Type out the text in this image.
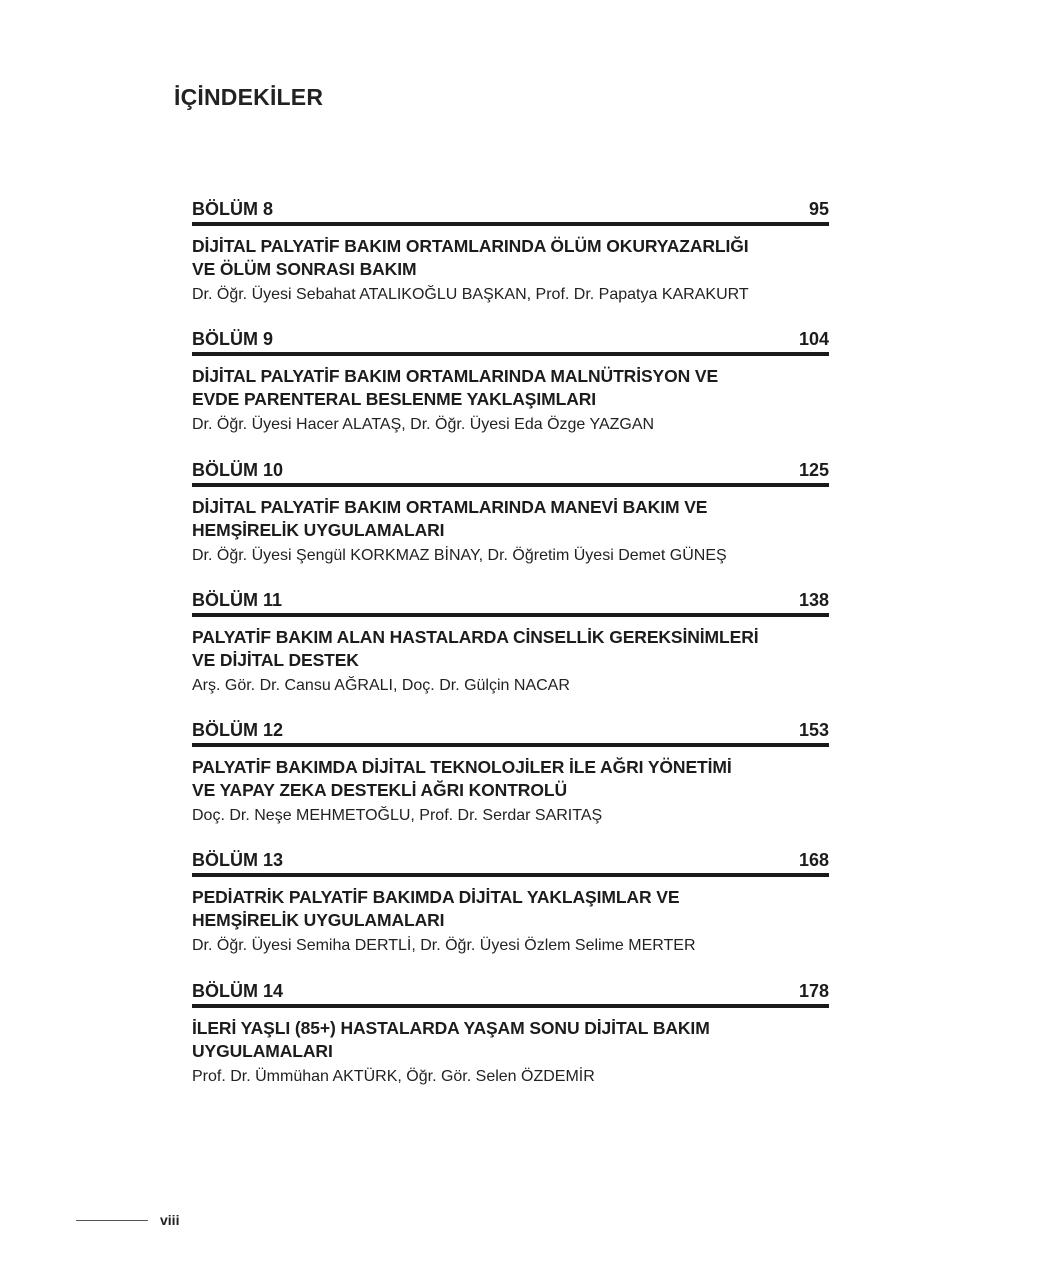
İÇİNDEKİLER
BÖLÜM 8	95
DİJİTAL PALYATİF BAKIM ORTAMLARINDA ÖLÜM OKURYAZARLIĞI
VE ÖLÜM SONRASI BAKIM
Dr. Öğr. Üyesi Sebahat ATALIKOĞLU BAŞKAN, Prof. Dr. Papatya KARAKURT
BÖLÜM 9	104
DİJİTAL PALYATİF BAKIM ORTAMLARINDA MALNÜTRİSYON VE
EVDE PARENTERAL BESLENME YAKLAŞIMLARI
Dr. Öğr. Üyesi Hacer ALATAŞ, Dr. Öğr. Üyesi Eda Özge YAZGAN
BÖLÜM 10	125
DİJİTAL PALYATİF BAKIM ORTAMLARINDA MANEVİ BAKIM VE
HEMŞİRELİK UYGULAMALARI
Dr. Öğr. Üyesi Şengül KORKMAZ BİNAY, Dr. Öğretim Üyesi Demet GÜNEŞ
BÖLÜM 11	138
PALYATİF BAKIM ALAN HASTALARDA CİNSELLİK GEREKSİNİMLERİ
VE DİJİTAL DESTEK
Arş. Gör. Dr. Cansu AĞRALI, Doç. Dr. Gülçin NACAR
BÖLÜM 12	153
PALYATİF BAKIMDA DİJİTAL TEKNOLOJİLER İLE AĞRI YÖNETİMİ
VE YAPAY ZEKA DESTEKLİ AĞRI KONTROLÜ
Doç. Dr. Neşe MEHMETOĞLU, Prof. Dr. Serdar SARITAŞ
BÖLÜM 13	168
PEDİATRİK PALYATİF BAKIMDA DİJİTAL YAKLAŞIMLAR VE
HEMŞİRELİK UYGULAMALARI
Dr. Öğr. Üyesi Semiha DERTLİ, Dr. Öğr. Üyesi Özlem Selime MERTER
BÖLÜM 14	178
İLERİ YAŞLI (85+) HASTALARDA YAŞAM SONU DİJİTAL BAKIM
UYGULAMALARI
Prof. Dr. Ümmühan AKTÜRK, Öğr. Gör. Selen ÖZDEMİR
viii
